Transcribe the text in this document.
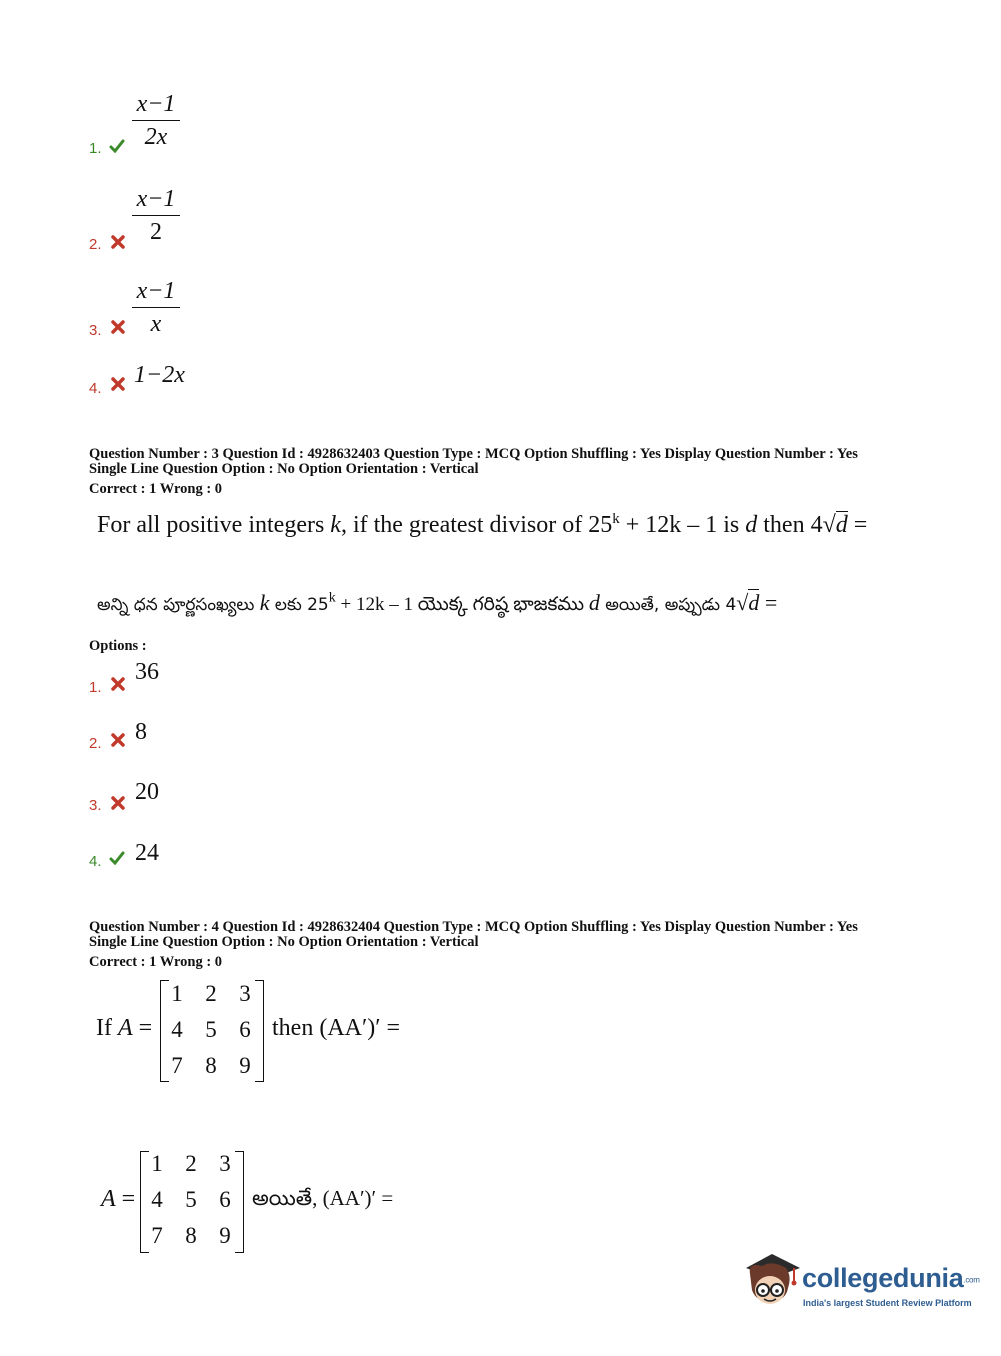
1.
x−1
2x
2.
x−1
2
3.
x−1
x
4.
1−2x
Question Number : 3 Question Id : 4928632403 Question Type : MCQ Option Shuffling : Yes Display Question Number : Yes
Single Line Question Option : No Option Orientation : Vertical
Correct : 1 Wrong : 0
For all positive integers k, if the greatest divisor of $25^k + 12k - 1$ is d then 4√d =
అన్ని ధన పూర్ణసంఖ్యలు k లకు $25^k + 12k - 1$ యొక్క గరిష్ఠ భాజకము d అయితే, అప్పుడు 4√d =
Options :
1.
36
2. 8
3.
20
4. 24
Question Number : 4 Question Id : 4928632404 Question Type : MCQ Option Shuffling : Yes Display Question Number : Yes
Single Line Question Option : No Option Orientation : Vertical
Correct : 1 Wrong : 0
If A =
1 2 3
4 5 6
7 8 9
then (AA′)′ =
A =
1 2 3
4 5 6
7 8 9
అయితే, (AA′)′ =
collegedunia.com
India's largest Student Review Platform
